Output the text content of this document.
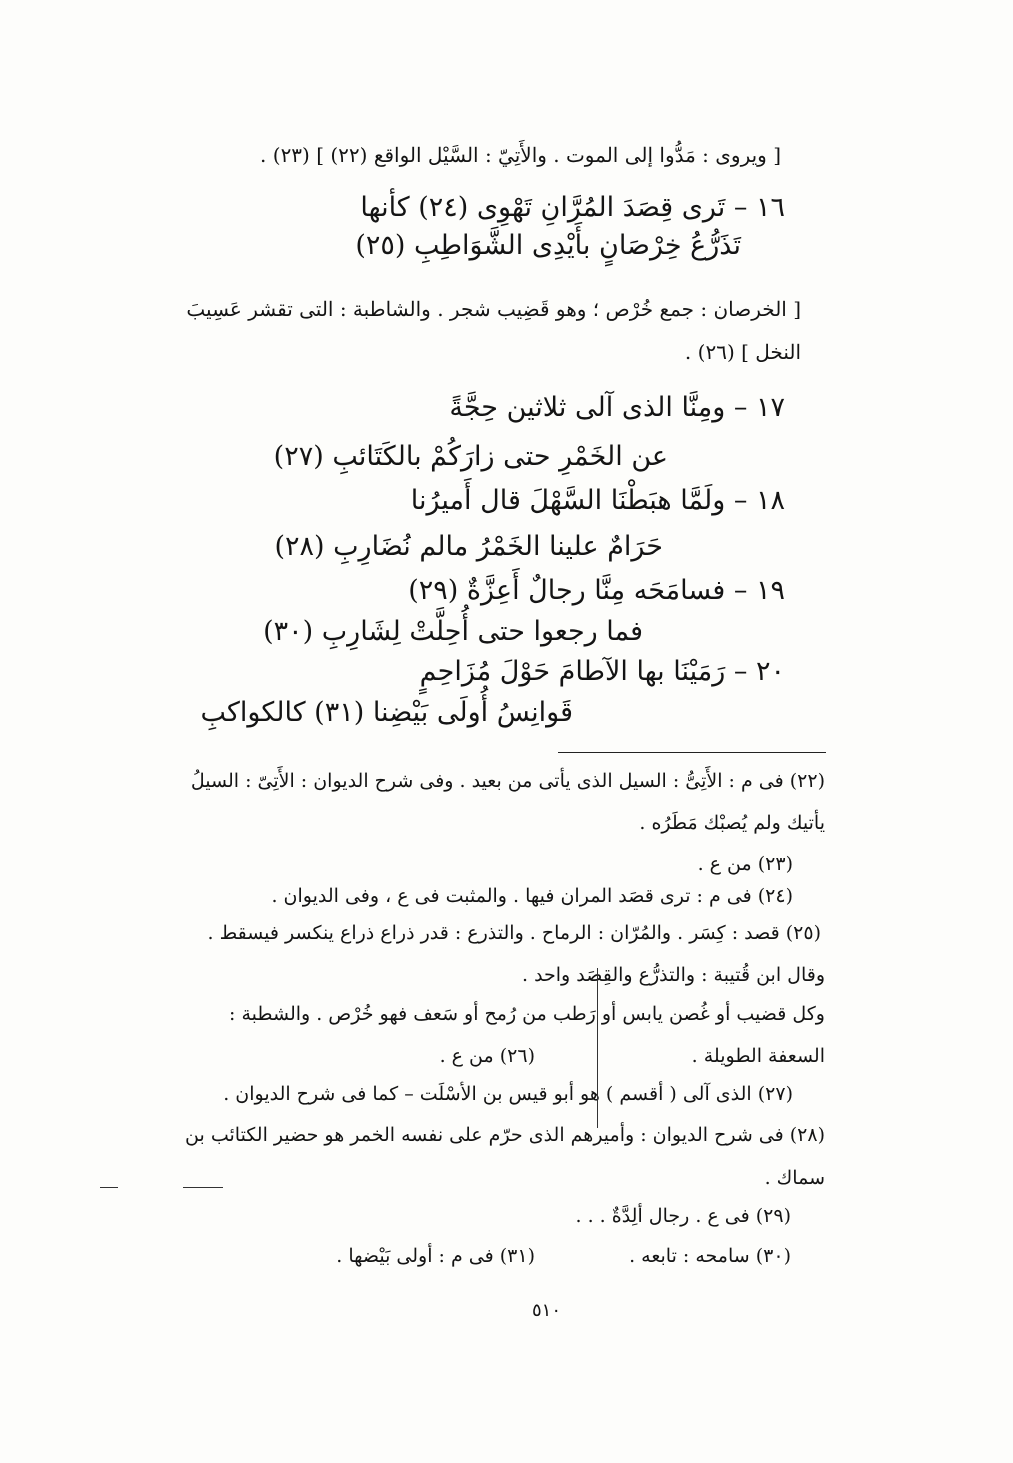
[ ويروى : مَدُّوا إلى الموت . والأَتِيّ : السَّيْل الواقع (٢٢) ] (٢٣) .
١٦ – تَرى قِصَدَ المُرَّانِ تَهْوِى (٢٤) كأنها
تَذَرُّعُ خِرْصَانٍ بأَيْدِى الشَّوَاطِبِ (٢٥)
[ الخرصان : جمع خُرْص ؛ وهو قَضِيب شجر . والشاطبة : التى تقشر عَسِيبَ
النخل ] (٢٦) .
١٧ – ومِنَّا الذى آلى ثلاثين حِجَّةً
عن الخَمْرِ حتى زارَكُمْ بالكَتَائبِ (٢٧)
١٨ – ولَمَّا هبَطْنَا السَّهْلَ قال أَميرُنا
حَرَامٌ علينا الخَمْرُ مالم نُضَارِبِ (٢٨)
١٩ – فسامَحَه مِنَّا رجالٌ أَعِزَّةٌ (٢٩)
فما رجعوا حتى أُحِلَّتْ لِشَارِبِ (٣٠)
٢٠ – رَمَيْنَا بها الآطامَ حَوْلَ مُزَاحِمٍ
قَوانِسُ أُولَى بَيْضِنا (٣١) كالكواكبِ
(٢٢) فى م : الأَتِىُّ : السيل الذى يأتى من بعيد . وفى شرح الديوان : الأَتِىّ : السيلُ
يأتيك ولم يُصبْك مَطَرُه .
(٢٣) من ع .
(٢٤) فى م : ترى قصَد المران فيها . والمثبت فى ع ، وفى الديوان .
(٢٥) قصد : كِسَر . والمُرّان : الرماح . والتذرع : قدر ذراع ذراع ينكسر فيسقط .
وقال ابن قُتيبة : والتذرُّع والقِصَد واحد .
وكل قضيب أو غُصن يابس أو رَطب من رُمح أو سَعف فهو خُرْص . والشطبة :
السعفة الطويلة .
(٢٦) من ع .
(٢٧) الذى آلى ( أقسم ) هو أبو قيس بن الأسْلَت – كما فى شرح الديوان .
(٢٨) فى شرح الديوان : وأميرهم الذى حرّم على نفسه الخمر هو حضير الكتائب بن
سماك .
(٢٩) فى ع . رجال ألِدَّةٌ . . .
(٣٠) سامحه : تابعه .
(٣١) فى م : أولى بَيْضها .
٥١٠
